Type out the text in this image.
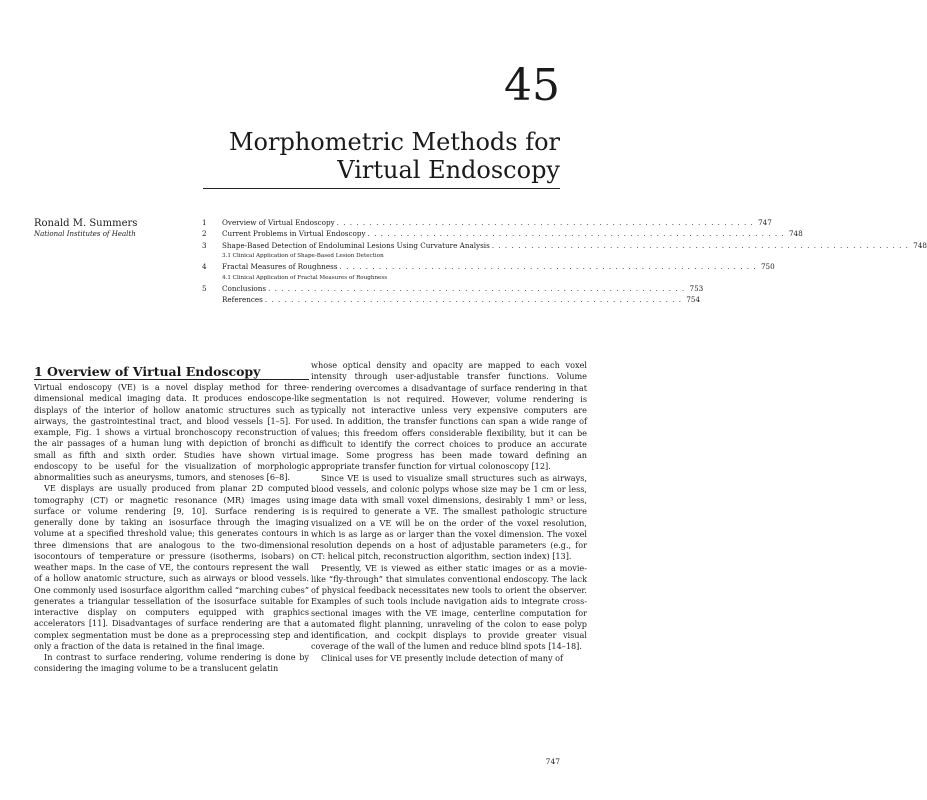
45
Morphometric Methods for
Virtual Endoscopy
Ronald M. Summers
National Institutes of Health
1	Overview of Virtual Endoscopy . . . . . . . . . . . . . . . . . . . . . . . . . . . . . . . . . . . . . . . . . . . . . . . . . . . . . . . . . . . . . . . . 747
2	Current Problems in Virtual Endoscopy . . . . . . . . . . . . . . . . . . . . . . . . . . . . . . . . . . . . . . . . . . . . . . . . . . . . . . . . . . . . . . . . 748
3	Shape-Based Detection of Endoluminal Lesions Using Curvature Analysis . . . . . . . . . . . . . . . . . . . . . . . . . . . . . . . . . . . . . . . . . . . . . . . . . . . . . . . . . . . . . . . . 748
3.1 Clinical Application of Shape-Based Lesion Detection
4	Fractal Measures of Roughness . . . . . . . . . . . . . . . . . . . . . . . . . . . . . . . . . . . . . . . . . . . . . . . . . . . . . . . . . . . . . . . . 750
4.1 Clinical Application of Fractal Measures of Roughness
5	Conclusions . . . . . . . . . . . . . . . . . . . . . . . . . . . . . . . . . . . . . . . . . . . . . . . . . . . . . . . . . . . . . . . . 753
References . . . . . . . . . . . . . . . . . . . . . . . . . . . . . . . . . . . . . . . . . . . . . . . . . . . . . . . . . . . . . . . . 754
1 Overview of Virtual Endoscopy

Virtual endoscopy (VE) is a novel display method for three-dimensional medical imaging data. It produces endoscope-like displays of the interior of hollow anatomic structures such as airways, the gastrointestinal tract, and blood vessels [1–5]. For example, Fig. 1 shows a virtual bronchoscopy reconstruction of the air passages of a human lung with depiction of bronchi as small as fifth and sixth order. Studies have shown virtual endoscopy to be useful for the visualization of morphologic abnormalities such as aneurysms, tumors, and stenoses [6–8].

VE displays are usually produced from planar 2D computed tomography (CT) or magnetic resonance (MR) images using surface or volume rendering [9, 10]. Surface rendering is generally done by taking an isosurface through the imaging volume at a specified threshold value; this generates contours in three dimensions that are analogous to the two-dimensional isocontours of temperature or pressure (isotherms, isobars) on weather maps. In the case of VE, the contours represent the wall of a hollow anatomic structure, such as airways or blood vessels. One commonly used isosurface algorithm called “marching cubes” generates a triangular tessellation of the isosurface suitable for interactive display on computers equipped with graphics accelerators [11]. Disadvantages of surface rendering are that a complex segmentation must be done as a preprocessing step and only a fraction of the data is retained in the final image.

In contrast to surface rendering, volume rendering is done by considering the imaging volume to be a translucent gelatin

whose optical density and opacity are mapped to each voxel intensity through user-adjustable transfer functions. Volume rendering overcomes a disadvantage of surface rendering in that segmentation is not required. However, volume rendering is typically not interactive unless very expensive computers are used. In addition, the transfer functions can span a wide range of values; this freedom offers considerable flexibility, but it can be difficult to identify the correct choices to produce an accurate image. Some progress has been made toward defining an appropriate transfer function for virtual colonoscopy [12].

Since VE is used to visualize small structures such as airways, blood vessels, and colonic polyps whose size may be 1 cm or less, image data with small voxel dimensions, desirably 1 mm³ or less, is required to generate a VE. The smallest pathologic structure visualized on a VE will be on the order of the voxel resolution, which is as large as or larger than the voxel dimension. The voxel resolution depends on a host of adjustable parameters (e.g., for CT: helical pitch, reconstruction algorithm, section index) [13].

Presently, VE is viewed as either static images or as a movie-like “fly-through” that simulates conventional endoscopy. The lack of physical feedback necessitates new tools to orient the observer. Examples of such tools include navigation aids to integrate cross-sectional images with the VE image, centerline computation for automated flight planning, unraveling of the colon to ease polyp identification, and cockpit displays to provide greater visual coverage of the wall of the lumen and reduce blind spots [14–18].

Clinical uses for VE presently include detection of many of

747
